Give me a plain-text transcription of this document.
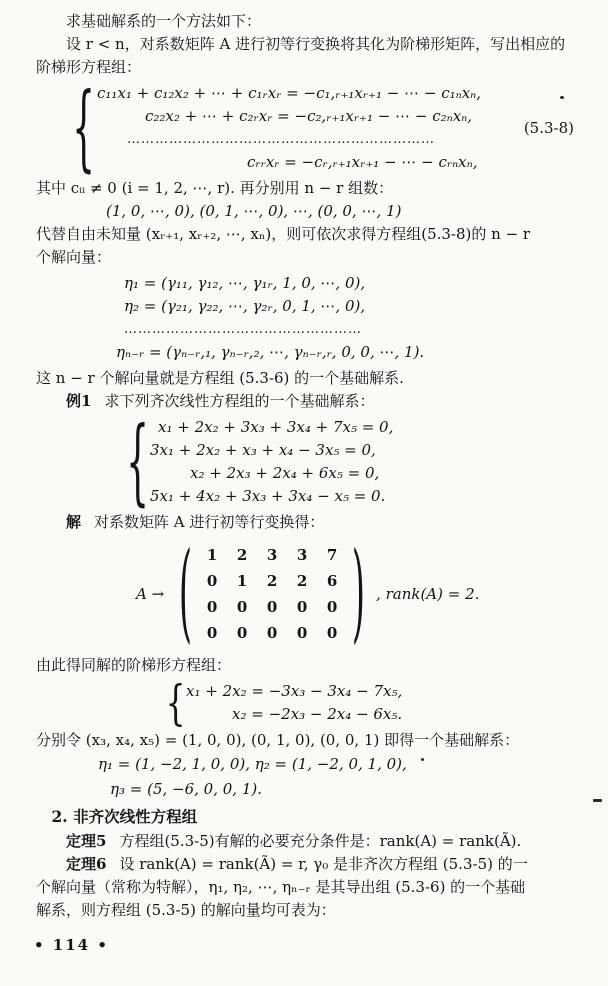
求基础解系的一个方法如下：
设 r < n，对系数矩阵 A 进行初等行变换将其化为阶梯形矩阵，写出相应的
阶梯形方程组：
{ c₁₁x₁ + c₁₂x₂ + ⋯ + c₁ᵣxᵣ = −c₁,ᵣ₊₁xᵣ₊₁ − ⋯ − c₁ₙxₙ,
c₂₂x₂ + ⋯ + c₂ᵣxᵣ = −c₂,ᵣ₊₁xᵣ₊₁ − ⋯ − c₂ₙxₙ,
…………………………………………………………
cᵣᵣxᵣ = −cᵣ,ᵣ₊₁xᵣ₊₁ − ⋯ − cᵣₙxₙ,
(5.3-8)
其中 cᵢᵢ ≠ 0 (i = 1, 2, ⋯, r). 再分别用 n − r 组数：
(1, 0, ⋯, 0), (0, 1, ⋯, 0), ⋯, (0, 0, ⋯, 1)
代替自由未知量 (xᵣ₊₁, xᵣ₊₂, ⋯, xₙ)，则可依次求得方程组(5.3-8)的 n − r
个解向量：
η₁ = (γ₁₁, γ₁₂, ⋯, γ₁ᵣ, 1, 0, ⋯, 0),
η₂ = (γ₂₁, γ₂₂, ⋯, γ₂ᵣ, 0, 1, ⋯, 0),
……………………………………………
ηₙ₋ᵣ = (γₙ₋ᵣ,₁, γₙ₋ᵣ,₂, ⋯, γₙ₋ᵣ,ᵣ, 0, 0, ⋯, 1).
这 n − r 个解向量就是方程组 (5.3-6) 的一个基础解系.
例1 求下列齐次线性方程组的一个基础解系：
{ x₁ + 2x₂ + 3x₃ + 3x₄ + 7x₅ = 0,
3x₁ + 2x₂ + x₃ + x₄ − 3x₅ = 0,
x₂ + 2x₃ + 2x₄ + 6x₅ = 0,
5x₁ + 4x₂ + 3x₃ + 3x₄ − x₅ = 0.
解 对系数矩阵 A 进行初等行变换得：
A → ( 1	2	3	3	7
0	1	2	2	6
0	0	0	0	0
0	0	0	0	0 ) , rank(A) = 2.
由此得同解的阶梯形方程组：
{ x₁ + 2x₂ = −3x₃ − 3x₄ − 7x₅,
x₂ = −2x₃ − 2x₄ − 6x₅.
分别令 (x₃, x₄, x₅) = (1, 0, 0), (0, 1, 0), (0, 0, 1) 即得一个基础解系：
η₁ = (1, −2, 1, 0, 0), η₂ = (1, −2, 0, 1, 0),
η₃ = (5, −6, 0, 0, 1).
2. 非齐次线性方程组
定理5 方程组(5.3-5)有解的必要充分条件是：rank(A) = rank(Ã).
定理6 设 rank(A) = rank(Ã) = r, γ₀ 是非齐次方程组 (5.3-5) 的一
个解向量（常称为特解），η₁, η₂, ⋯, ηₙ₋ᵣ 是其导出组 (5.3-6) 的一个基础
解系，则方程组 (5.3-5) 的解向量均可表为：
• 114 •
